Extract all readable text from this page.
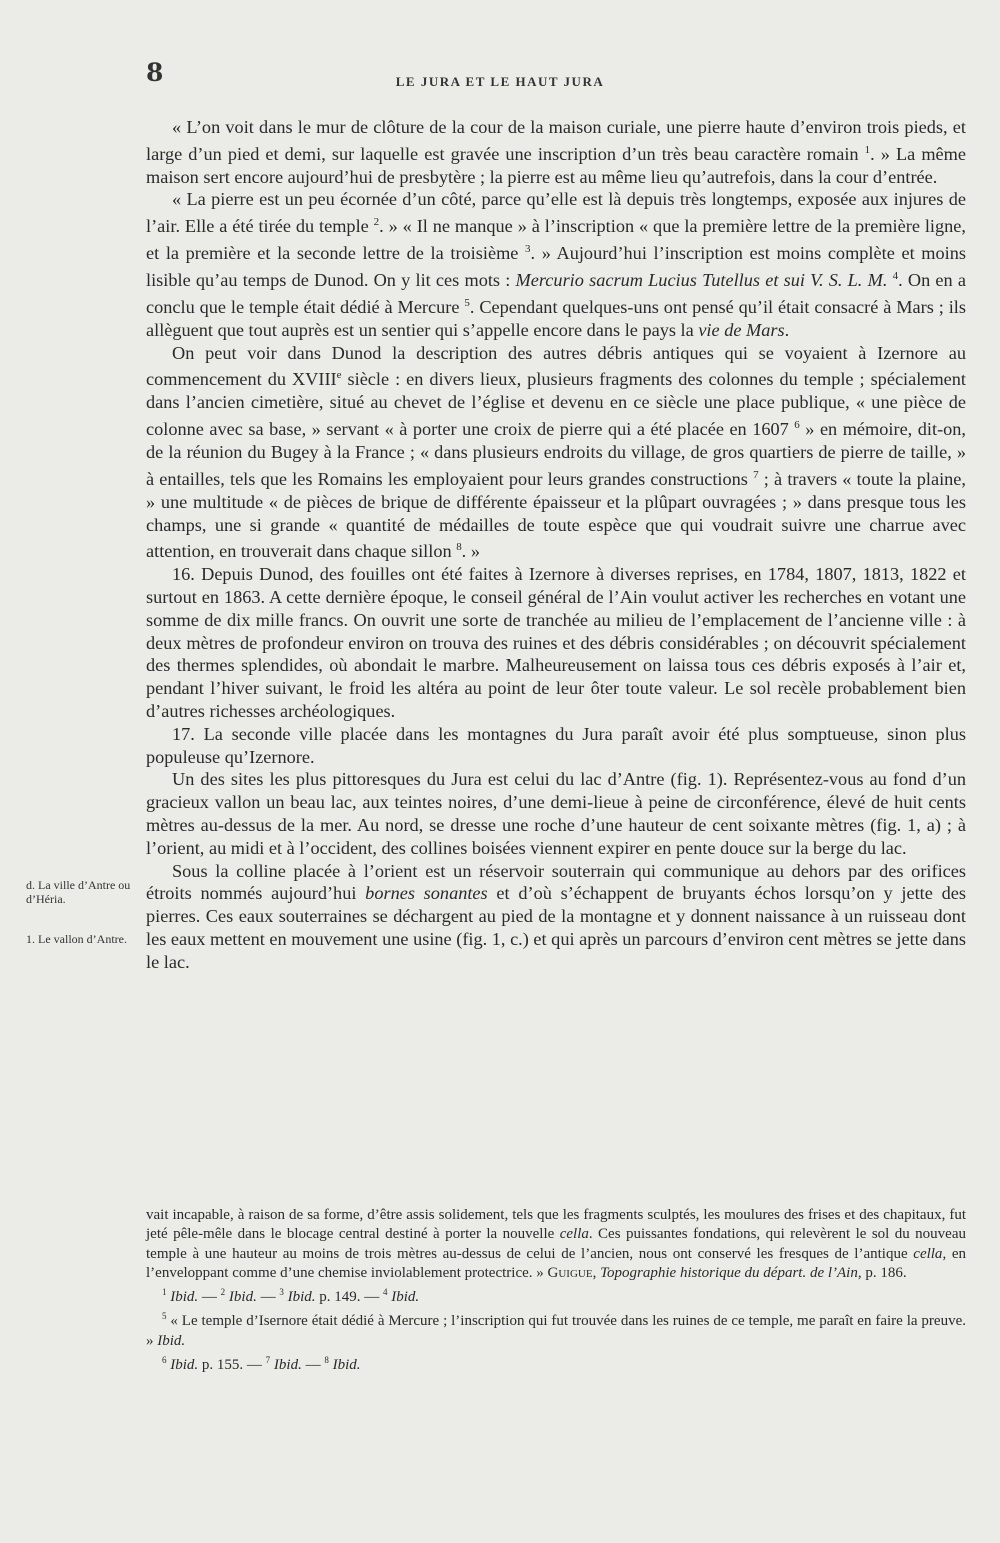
8	LE JURA ET LE HAUT JURA

« L’on voit dans le mur de clôture de la cour de la maison curiale, une pierre haute d’environ trois pieds, et large d’un pied et demi, sur laquelle est gravée une inscription d’un très beau caractère romain $^1$. » La même maison sert encore aujourd’hui de presbytère ; la pierre est au même lieu qu’autrefois, dans la cour d’entrée.

« La pierre est un peu écornée d’un côté, parce qu’elle est là depuis très longtemps, exposée aux injures de l’air. Elle a été tirée du temple $^2$. » « Il ne manque » à l’inscription « que la première lettre de la première ligne, et la première et la seconde lettre de la troisième $^3$. » Aujourd’hui l’inscription est moins complète et moins lisible qu’au temps de Dunod. On y lit ces mots : Mercurio sacrum Lucius Tutellus et sui V. S. L. M. $^4$. On en a conclu que le temple était dédié à Mercure $^5$. Cependant quelques-uns ont pensé qu’il était consacré à Mars ; ils allèguent que tout auprès est un sentier qui s’appelle encore dans le pays la vie de Mars.

On peut voir dans Dunod la description des autres débris antiques qui se voyaient à Izernore au commencement du XVIIIe siècle : en divers lieux, plusieurs fragments des colonnes du temple ; spécialement dans l’ancien cimetière, situé au chevet de l’église et devenu en ce siècle une place publique, « une pièce de colonne avec sa base, » servant « à porter une croix de pierre qui a été placée en 1607 $^6$ » en mémoire, dit-on, de la réunion du Bugey à la France ; « dans plusieurs endroits du village, de gros quartiers de pierre de taille, » à entailles, tels que les Romains les employaient pour leurs grandes constructions $^7$ ; à travers « toute la plaine, » une multitude « de pièces de brique de différente épaisseur et la plûpart ouvragées ; » dans presque tous les champs, une si grande « quantité de médailles de toute espèce que qui voudrait suivre une charrue avec attention, en trouverait dans chaque sillon $^8$. »

16. Depuis Dunod, des fouilles ont été faites à Izernore à diverses reprises, en 1784, 1807, 1813, 1822 et surtout en 1863. A cette dernière époque, le conseil général de l’Ain voulut activer les recherches en votant une somme de dix mille francs. On ouvrit une sorte de tranchée au milieu de l’emplacement de l’ancienne ville : à deux mètres de profondeur environ on trouva des ruines et des débris considérables ; on découvrit spécialement des thermes splendides, où abondait le marbre. Malheureusement on laissa tous ces débris exposés à l’air et, pendant l’hiver suivant, le froid les altéra au point de leur ôter toute valeur. Le sol recèle probablement bien d’autres richesses archéologiques.

17. La seconde ville placée dans les montagnes du Jura paraît avoir été plus somptueuse, sinon plus populeuse qu’Izernore.

Un des sites les plus pittoresques du Jura est celui du lac d’Antre (fig. 1). Représentez-vous au fond d’un gracieux vallon un beau lac, aux teintes noires, d’une demi-lieue à peine de circonférence, élevé de huit cents mètres au-dessus de la mer. Au nord, se dresse une roche d’une hauteur de cent soixante mètres (fig. 1, a) ; à l’orient, au midi et à l’occident, des collines boisées viennent expirer en pente douce sur la berge du lac.

Sous la colline placée à l’orient est un réservoir souterrain qui communique au dehors par des orifices étroits nommés aujourd’hui bornes sonantes et d’où s’échappent de bruyants échos lorsqu’on y jette des pierres. Ces eaux souterraines se déchargent au pied de la montagne et y donnent naissance à un ruisseau dont les eaux mettent en mouvement une usine (fig. 1, c.) et qui après un parcours d’environ cent mètres se jette dans le lac.

d. La ville d’Antre ou d’Héria.
1. Le vallon d’Antre.

vait incapable, à raison de sa forme, d’être assis solidement, tels que les fragments sculptés, les moulures des frises et des chapitaux, fut jeté pêle-mêle dans le blocage central destiné à porter la nouvelle cella. Ces puissantes fondations, qui relevèrent le sol du nouveau temple à une hauteur au moins de trois mètres au-dessus de celui de l’ancien, nous ont conservé les fresques de l’antique cella, en l’enveloppant comme d’une chemise inviolablement protectrice. » Guigue, Topographie historique du départ. de l’Ain, p. 186.

$^1$ Ibid. — $^2$ Ibid. — $^3$ Ibid. p. 149. — $^4$ Ibid.

$^5$ « Le temple d’Isernore était dédié à Mercure ; l’inscription qui fut trouvée dans les ruines de ce temple, me paraît en faire la preuve. » Ibid.

$^6$ Ibid. p. 155. — $^7$ Ibid. — $^8$ Ibid.
